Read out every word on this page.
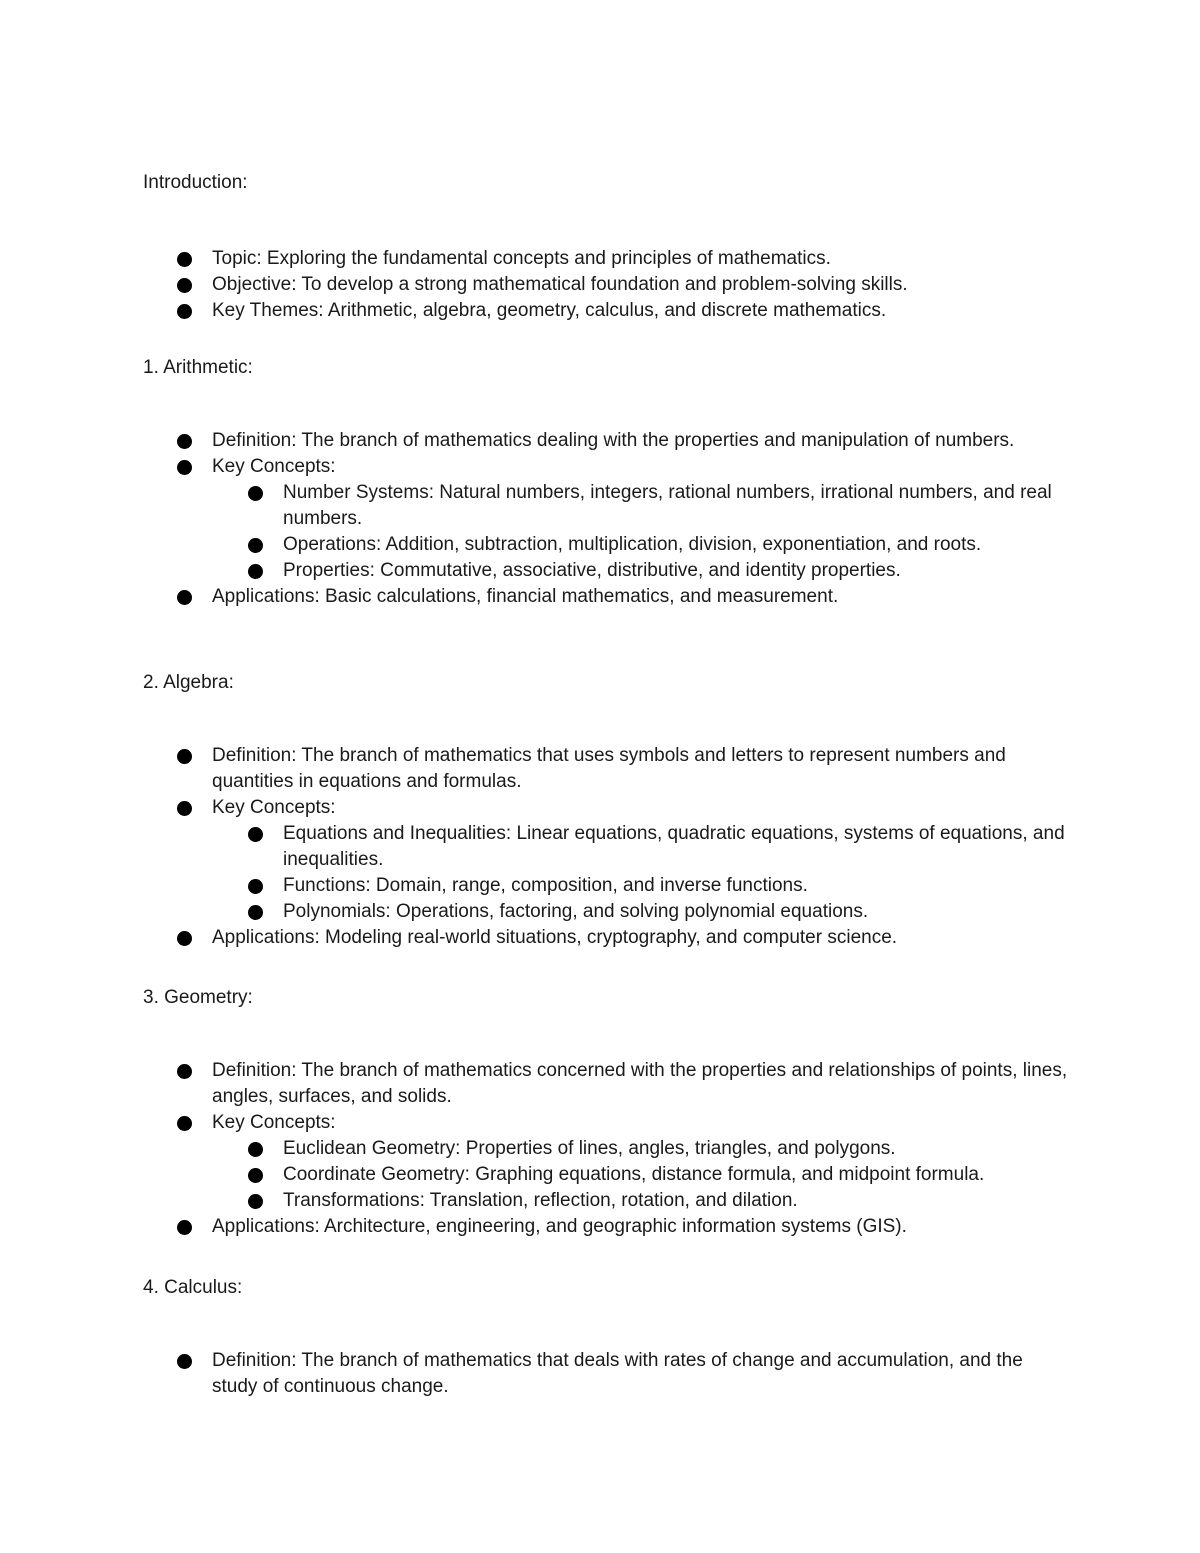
Introduction:
Topic: Exploring the fundamental concepts and principles of mathematics.
Objective: To develop a strong mathematical foundation and problem-solving skills.
Key Themes: Arithmetic, algebra, geometry, calculus, and discrete mathematics.
1. Arithmetic:
Definition: The branch of mathematics dealing with the properties and manipulation of numbers.
Key Concepts:
Number Systems: Natural numbers, integers, rational numbers, irrational numbers, and real numbers.
Operations: Addition, subtraction, multiplication, division, exponentiation, and roots.
Properties: Commutative, associative, distributive, and identity properties.
Applications: Basic calculations, financial mathematics, and measurement.
2. Algebra:
Definition: The branch of mathematics that uses symbols and letters to represent numbers and quantities in equations and formulas.
Key Concepts:
Equations and Inequalities: Linear equations, quadratic equations, systems of equations, and inequalities.
Functions: Domain, range, composition, and inverse functions.
Polynomials: Operations, factoring, and solving polynomial equations.
Applications: Modeling real-world situations, cryptography, and computer science.
3. Geometry:
Definition: The branch of mathematics concerned with the properties and relationships of points, lines, angles, surfaces, and solids.
Key Concepts:
Euclidean Geometry: Properties of lines, angles, triangles, and polygons.
Coordinate Geometry: Graphing equations, distance formula, and midpoint formula.
Transformations: Translation, reflection, rotation, and dilation.
Applications: Architecture, engineering, and geographic information systems (GIS).
4. Calculus:
Definition: The branch of mathematics that deals with rates of change and accumulation, and the study of continuous change.
